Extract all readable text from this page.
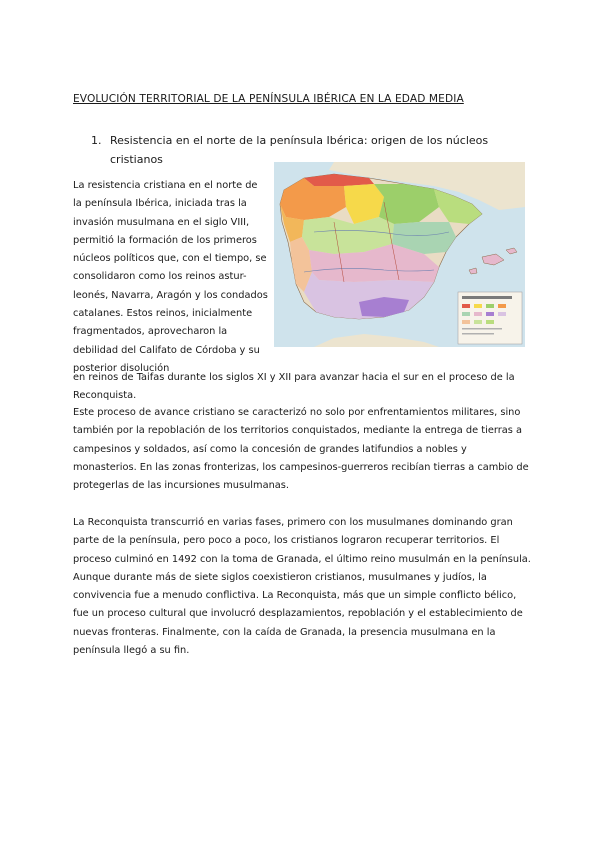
EVOLUCIÓN TERRITORIAL DE LA PENÍNSULA IBÉRICA EN LA EDAD MEDIA
1. Resistencia en el norte de la península Ibérica: origen de los núcleos cristianos

La resistencia cristiana en el norte de la península Ibérica, iniciada tras la invasión musulmana en el siglo VIII, permitió la formación de los primeros núcleos políticos que, con el tiempo, se consolidaron como los reinos astur-leonés, Navarra, Aragón y los condados catalanes. Estos reinos, inicialmente fragmentados, aprovecharon la debilidad del Califato de Córdoba y su posterior disolución

en reinos de Taifas durante los siglos XI y XII para avanzar hacia el sur en el proceso de la Reconquista.

Este proceso de avance cristiano se caracterizó no solo por enfrentamientos militares, sino también por la repoblación de los territorios conquistados, mediante la entrega de tierras a campesinos y soldados, así como la concesión de grandes latifundios a nobles y monasterios. En las zonas fronterizas, los campesinos-guerreros recibían tierras a cambio de protegerlas de las incursiones musulmanas.

La Reconquista transcurrió en varias fases, primero con los musulmanes dominando gran parte de la península, pero poco a poco, los cristianos lograron recuperar territorios. El proceso culminó en 1492 con la toma de Granada, el último reino musulmán en la península. Aunque durante más de siete siglos coexistieron cristianos, musulmanes y judíos, la convivencia fue a menudo conflictiva. La Reconquista, más que un simple conflicto bélico, fue un proceso cultural que involucró desplazamientos, repoblación y el establecimiento de nuevas fronteras. Finalmente, con la caída de Granada, la presencia musulmana en la península llegó a su fin.
